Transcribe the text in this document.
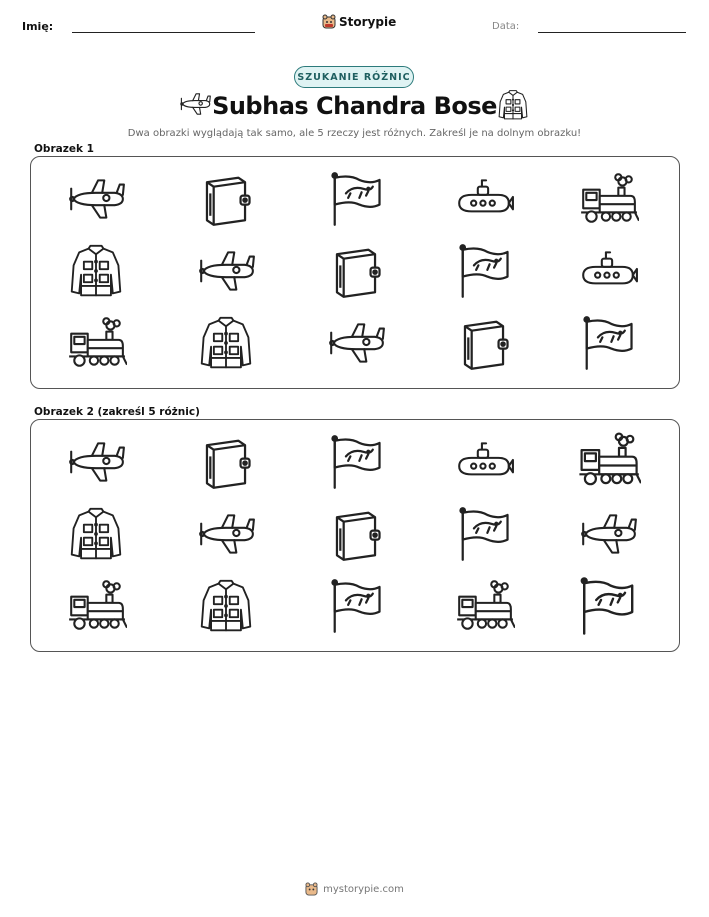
Imię:	Storypie	Data:
SZUKANIE RÓŻNIC
Subhas Chandra Bose
Dwa obrazki wyglądają tak samo, ale 5 rzeczy jest różnych. Zakreśl je na dolnym obrazku!
Obrazek 1
Obrazek 2 (zakreśl 5 różnic)
mystorypie.com
